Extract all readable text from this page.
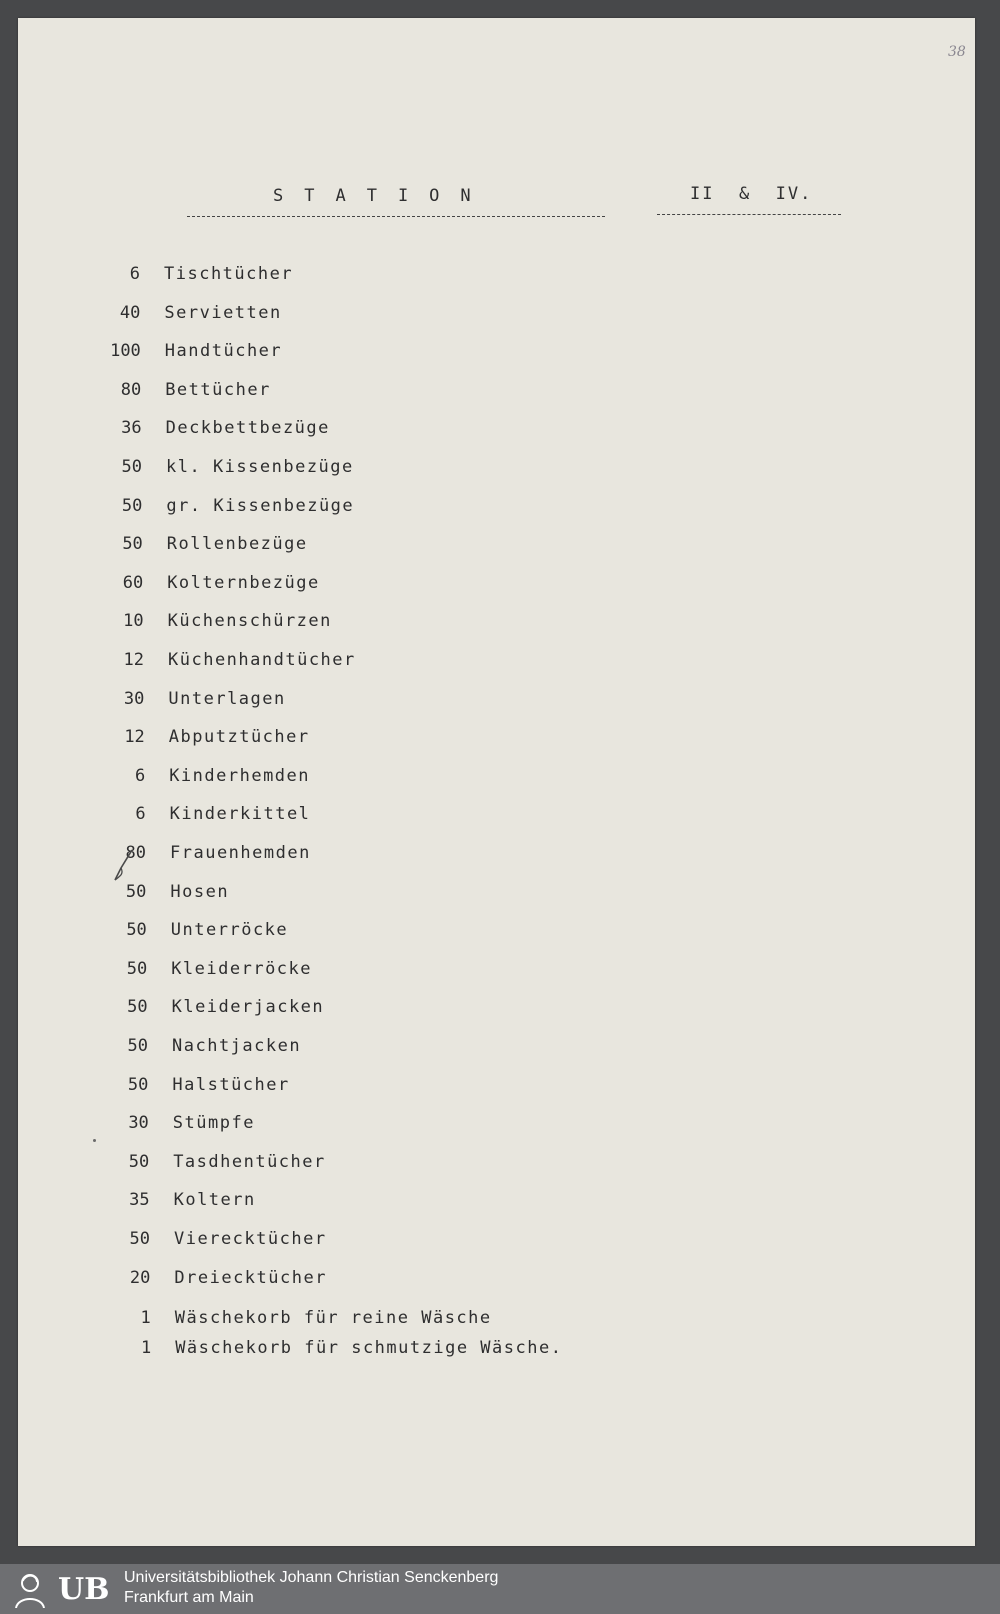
38
STATION	II  &  IV.
6 Tischtücher
40 Servietten
100 Handtücher
80 Bettücher
36 Deckbettbezüge
50 kl. Kissenbezüge
50 gr. Kissenbezüge
50 Rollenbezüge
60 Kolternbezüge
10 Küchenschürzen
12 Küchenhandtücher
30 Unterlagen
12 Abputztücher
6 Kinderhemden
6 Kinderkittel
80 Frauenhemden
50 Hosen
50 Unterröcke
50 Kleiderröcke
50 Kleiderjacken
50 Nachtjacken
50 Halstücher
30 Stümpfe
50 Tasdhentücher
35 Koltern
50 Vierecktücher
20 Dreiecktücher
1 Wäschekorb für reine Wäsche
1 Wäschekorb für schmutzige Wäsche.
UB Universitätsbibliothek Johann Christian Senckenberg
Frankfurt am Main
